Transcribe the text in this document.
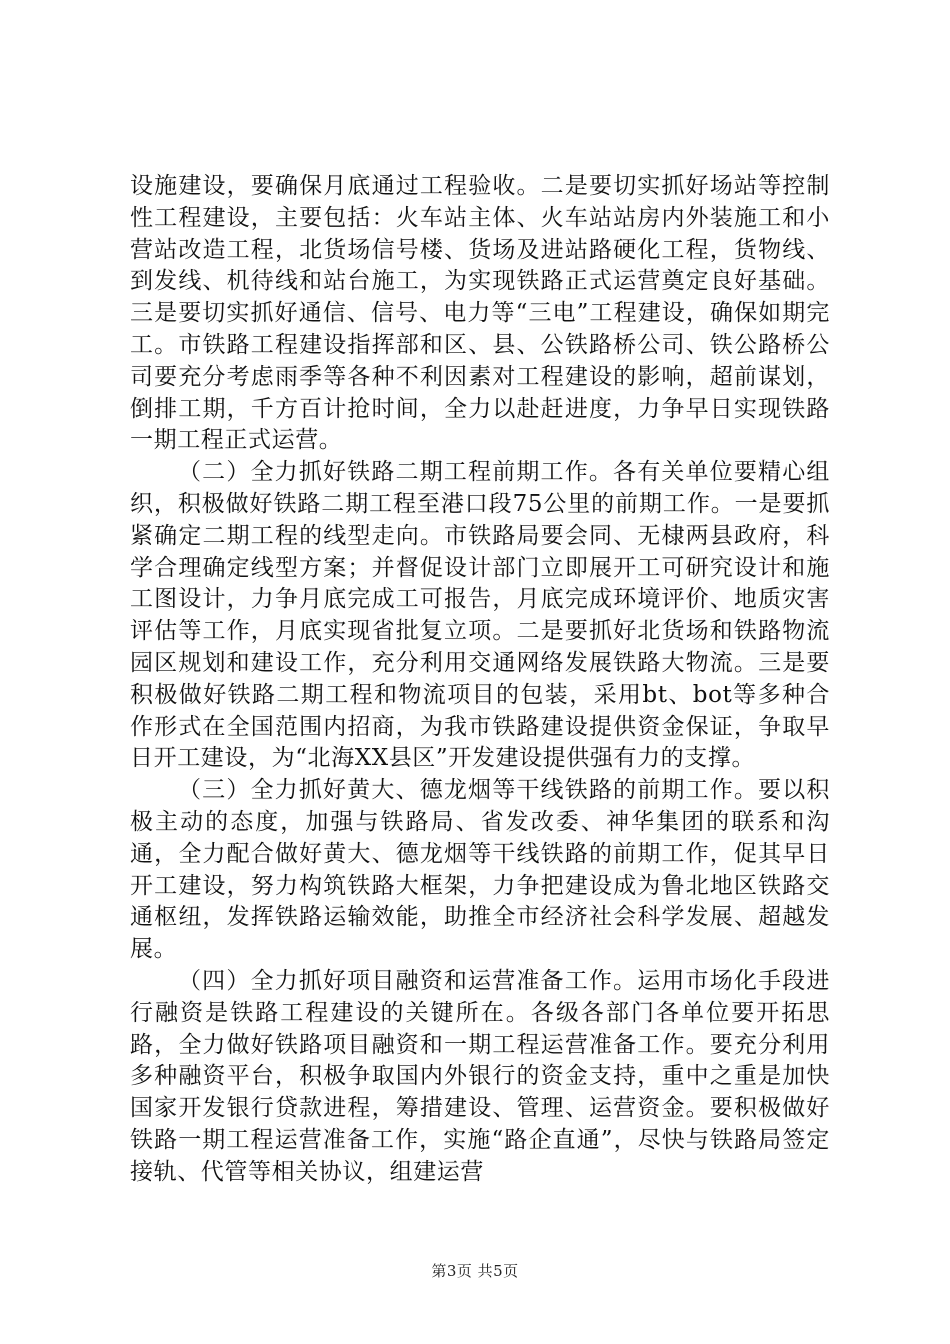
设施建设，要确保月底通过工程验收。二是要切实抓好场站等控制性工程建设，主要包括：火车站主体、火车站站房内外装施工和小营站改造工程，北货场信号楼、货场及进站路硬化工程，货物线、到发线、机待线和站台施工，为实现铁路正式运营奠定良好基础。三是要切实抓好通信、信号、电力等“三电”工程建设，确保如期完工。市铁路工程建设指挥部和区、县、公铁路桥公司、铁公路桥公司要充分考虑雨季等各种不利因素对工程建设的影响，超前谋划，倒排工期，千方百计抢时间，全力以赴赶进度，力争早日实现铁路一期工程正式运营。

（二）全力抓好铁路二期工程前期工作。各有关单位要精心组织，积极做好铁路二期工程至港口段75公里的前期工作。一是要抓紧确定二期工程的线型走向。市铁路局要会同、无棣两县政府，科学合理确定线型方案；并督促设计部门立即展开工可研究设计和施工图设计，力争月底完成工可报告，月底完成环境评价、地质灾害评估等工作，月底实现省批复立项。二是要抓好北货场和铁路物流园区规划和建设工作，充分利用交通网络发展铁路大物流。三是要积极做好铁路二期工程和物流项目的包装，采用bt、bot等多种合作形式在全国范围内招商，为我市铁路建设提供资金保证，争取早日开工建设，为“北海XX县区”开发建设提供强有力的支撑。

（三）全力抓好黄大、德龙烟等干线铁路的前期工作。要以积极主动的态度，加强与铁路局、省发改委、神华集团的联系和沟通，全力配合做好黄大、德龙烟等干线铁路的前期工作，促其早日开工建设，努力构筑铁路大框架，力争把建设成为鲁北地区铁路交通枢纽，发挥铁路运输效能，助推全市经济社会科学发展、超越发展。

（四）全力抓好项目融资和运营准备工作。运用市场化手段进行融资是铁路工程建设的关键所在。各级各部门各单位要开拓思路，全力做好铁路项目融资和一期工程运营准备工作。要充分利用多种融资平台，积极争取国内外银行的资金支持，重中之重是加快国家开发银行贷款进程，筹措建设、管理、运营资金。要积极做好铁路一期工程运营准备工作，实施“路企直通”，尽快与铁路局签定接轨、代管等相关协议，组建运营

第3页 共5页
